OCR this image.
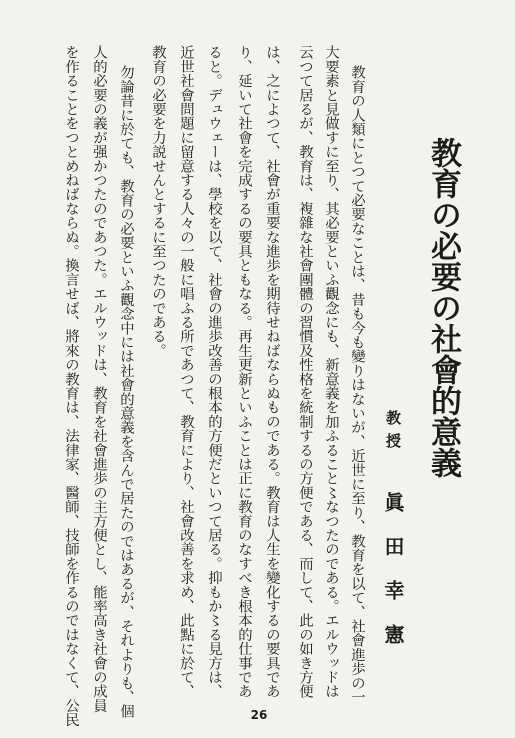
教育の必要の社會的意義
教授
眞田幸憲
教育の人類にとつて必要なことは、昔も今も變りはないが、近世に至り、教育を以て、社會進歩の一
大要素と見做すに至り、其必要といふ觀念にも、新意義を加ふること〻なつたのである。エルウッドは
云つて居るが、教育は、複雜な社會團體の習慣及性格を統制するの方便である、而して、此の如き方便
は、之によつて、社會が重要な進歩を期待せねばならぬものである。教育は人生を變化するの要具であ
り、延いて社會を完成するの要具ともなる。再生更新といふことは正に教育のなすべき根本的仕事であ
ると。デュウェーは、學校を以て、社會の進歩改善の根本的方便だといつて居る。抑もか〻る見方は、
近世社會問題に留意する人々の一般に唱ふる所であつて、教育により、社會改善を求め、此點に於て、
教育の必要を力説せんとするに至つたのである。
勿論昔に於ても、教育の必要といふ觀念中には社會的意義を含んで居たのではあるが、それよりも、個
人的必要の義が强かつたのであつた。エルウッドは、教育を社會進歩の主方便とし、能率高き社會の成員
を作ることをつとめねばならぬ。換言せば、將來の教育は、法律家、醫師、技師を作るのではなくて、公民	26
